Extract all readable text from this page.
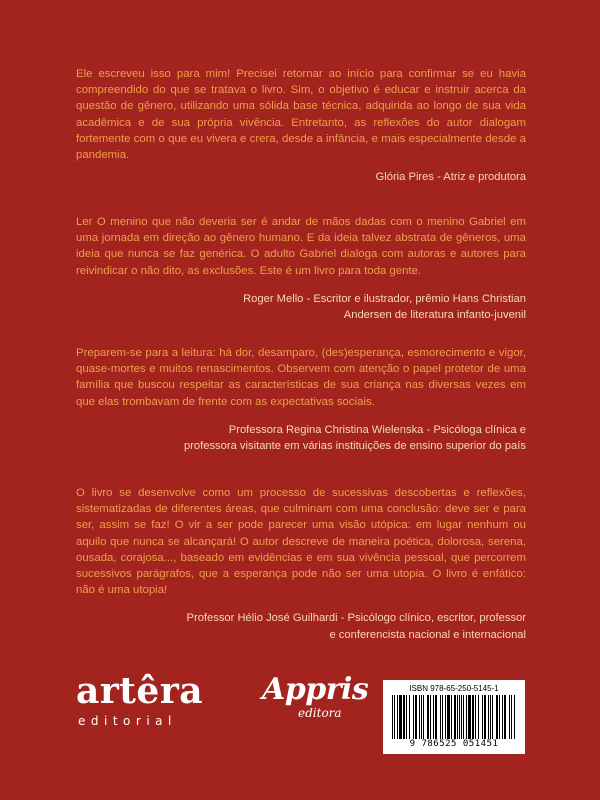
Ele escreveu isso para mim! Precisei retornar ao início para confirmar se eu havia compreendido do que se tratava o livro. Sim, o objetivo é educar e instruir acerca da questão de gênero, utilizando uma sólida base técnica, adquirida ao longo de sua vida acadêmica e de sua própria vivência. Entretanto, as reflexões do autor dialogam fortemente com o que eu vivera e crera, desde a infância, e mais especialmente desde a pandemia.

Glória Pires - Atriz e produtora

Ler O menino que não deveria ser é andar de mãos dadas com o menino Gabriel em uma jornada em direção ao gênero humano. E da ideia talvez abstrata de gêneros, uma ideia que nunca se faz genérica. O adulto Gabriel dialoga com autoras e autores para reivindicar o não dito, as exclusões. Este é um livro para toda gente.

Roger Mello - Escritor e ilustrador, prêmio Hans Christian
Andersen de literatura infanto-juvenil

Preparem-se para a leitura: há dor, desamparo, (des)esperança, esmorecimento e vigor, quase-mortes e muitos renascimentos. Observem com atenção o papel protetor de uma família que buscou respeitar as características de sua criança nas diversas vezes em que elas trombavam de frente com as expectativas sociais.

Professora Regina Christina Wielenska - Psicóloga clínica e
professora visitante em várias instituições de ensino superior do país

O livro se desenvolve como um processo de sucessivas descobertas e reflexões, sistematizadas de diferentes áreas, que culminam com uma conclusão: deve ser e para ser, assim se faz! O vir a ser pode parecer uma visão utópica: em lugar nenhum ou aquilo que nunca se alcançará! O autor descreve de maneira poética, dolorosa, serena, ousada, corajosa..., baseado em evidências e em sua vivência pessoal, que percorrem sucessivos parágrafos, que a esperança pode não ser uma utopia. O livro é enfático: não é uma utopia!

Professor Hélio José Guilhardi - Psicólogo clínico, escritor, professor
e conferencista nacional e internacional

artêra
editorial
Appris
editora
ISBN 978-65-250-5145-1
9 786525 051451
